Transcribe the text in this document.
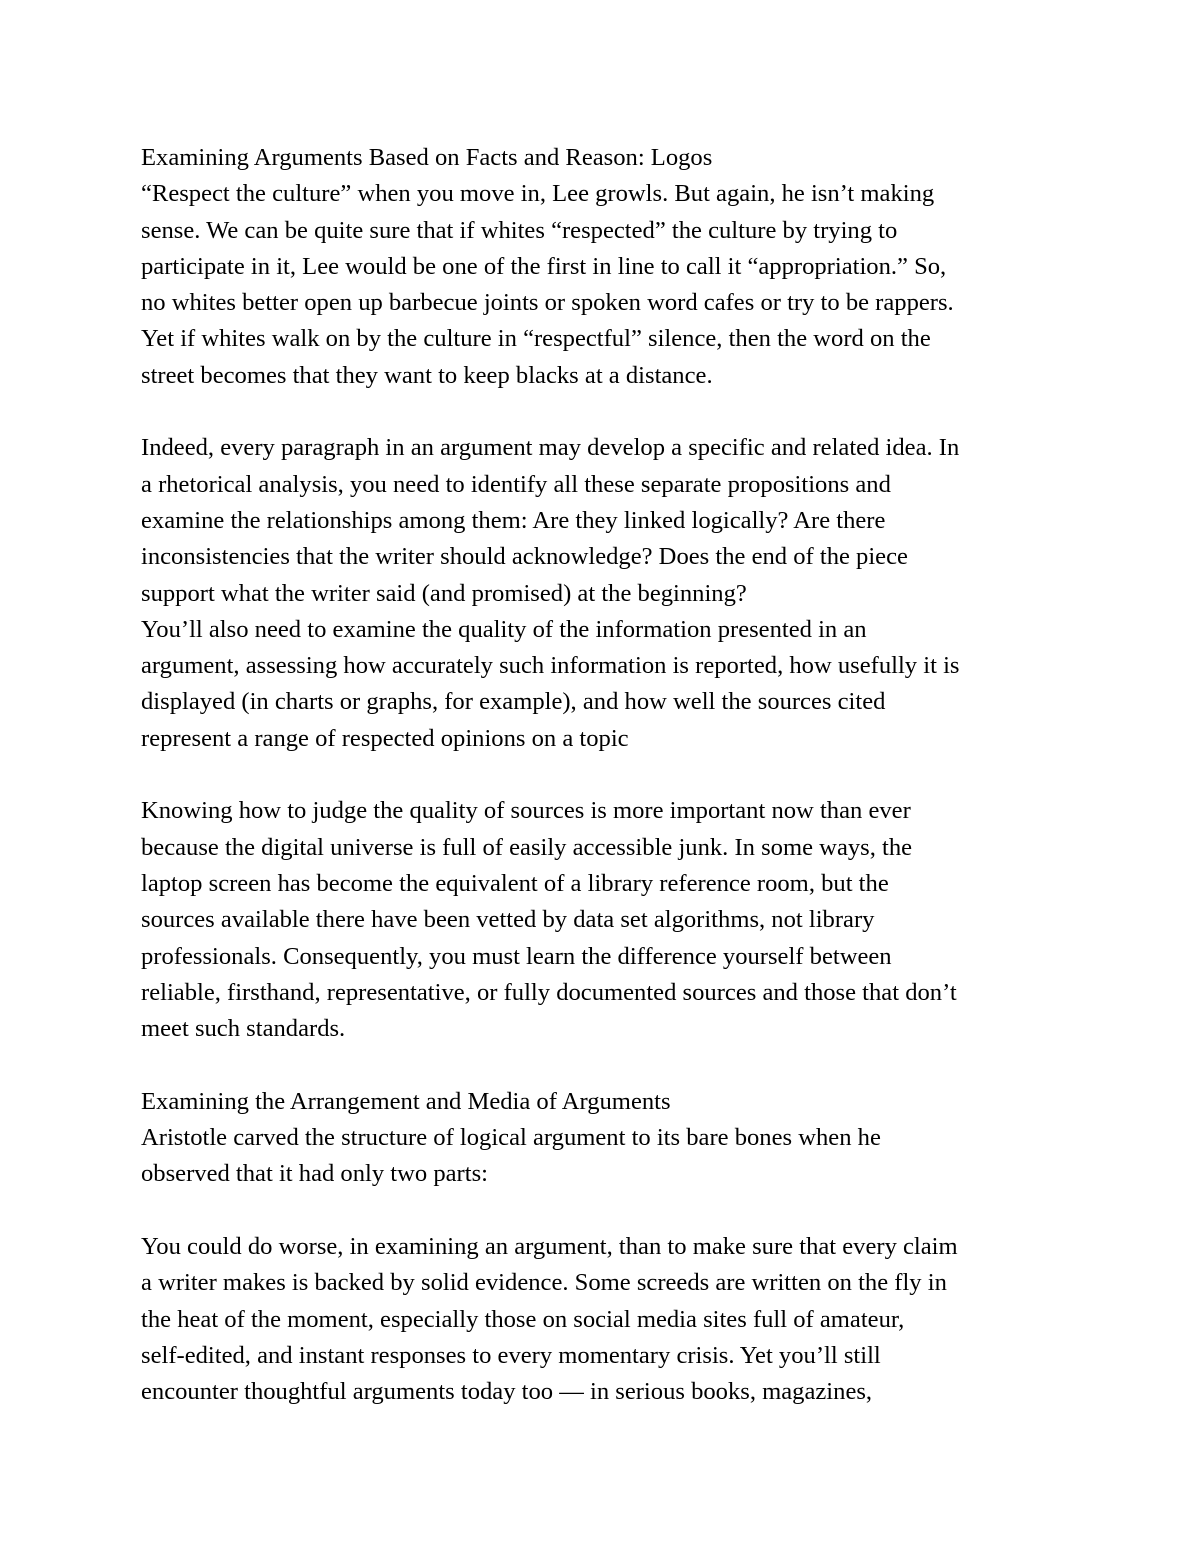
Examining Arguments Based on Facts and Reason: Logos
“Respect the culture” when you move in, Lee growls. But again, he isn’t making
sense. We can be quite sure that if whites “respected” the culture by trying to
participate in it, Lee would be one of the first in line to call it “appropriation.” So,
no whites better open up barbecue joints or spoken word cafes or try to be rappers.
Yet if whites walk on by the culture in “respectful” silence, then the word on the
street becomes that they want to keep blacks at a distance.
Indeed, every paragraph in an argument may develop a specific and related idea. In
a rhetorical analysis, you need to identify all these separate propositions and
examine the relationships among them: Are they linked logically? Are there
inconsistencies that the writer should acknowledge? Does the end of the piece
support what the writer said (and promised) at the beginning?
You’ll also need to examine the quality of the information presented in an
argument, assessing how accurately such information is reported, how usefully it is
displayed (in charts or graphs, for example), and how well the sources cited
represent a range of respected opinions on a topic
Knowing how to judge the quality of sources is more important now than ever
because the digital universe is full of easily accessible junk. In some ways, the
laptop screen has become the equivalent of a library reference room, but the
sources available there have been vetted by data set algorithms, not library
professionals. Consequently, you must learn the difference yourself between
reliable, firsthand, representative, or fully documented sources and those that don’t
meet such standards.
Examining the Arrangement and Media of Arguments
Aristotle carved the structure of logical argument to its bare bones when he
observed that it had only two parts:
You could do worse, in examining an argument, than to make sure that every claim
a writer makes is backed by solid evidence. Some screeds are written on the fly in
the heat of the moment, especially those on social media sites full of amateur,
self-edited, and instant responses to every momentary crisis. Yet you’ll still
encounter thoughtful arguments today too — in serious books, magazines,
